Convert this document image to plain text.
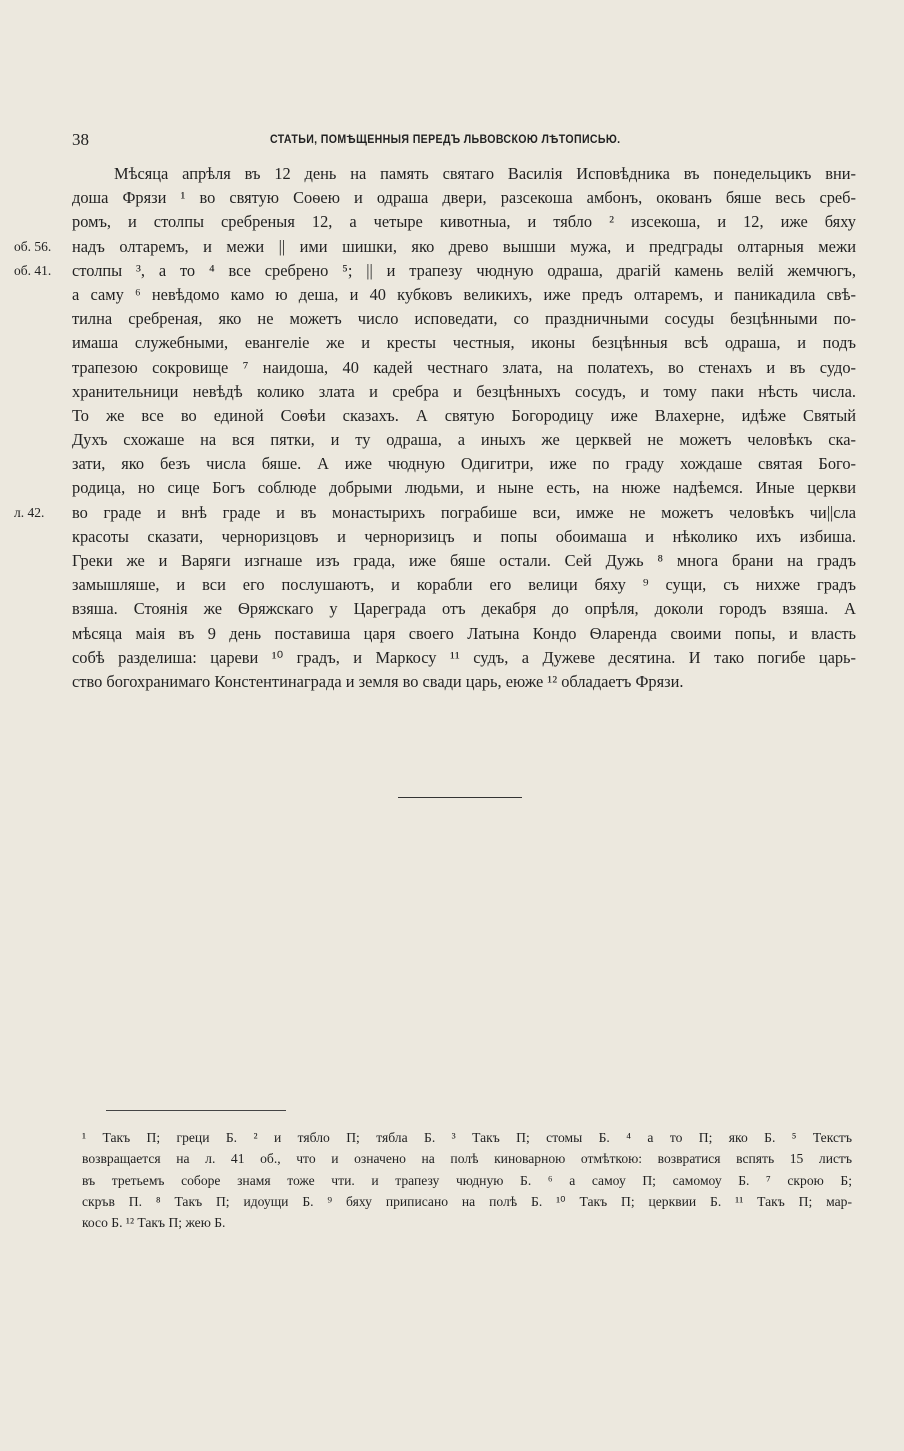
38	СТАТЬИ, ПОМѢЩЕННЫЯ ПЕРЕДЪ ЛЬВОВСКОЮ ЛѢТОПИСЬЮ.
Мѣсяца апрѣля въ 12 день на память святаго Василія Исповѣдника въ понедельцикъ вни-
доша Фрязи ¹ во святую Соѳею и одраша двери, разсекоша амбонъ, окованъ бяше весь среб-
ромъ, и столпы сребреныя 12, а четыре кивотныа, и тябло ² изсекоша, и 12, иже бяху
об. 56. надъ олтаремъ, и межи || ими шишки, яко древо вышши мужа, и предграды олтарныя межи
об. 41. столпы ³, а то ⁴ все сребрено ⁵; || и трапезу чюдную одраша, драгій камень велій жемчюгъ,
а саму ⁶ невѣдомо камо ю деша, и 40 кубковъ великихъ, иже предъ олтаремъ, и паникадила свѣ-
тилна сребреная, яко не можетъ число исповедати, со праздничными сосуды безцѣнными по-
имаша служебными, евангеліе же и кресты честныя, иконы безцѣнныя всѣ одраша, и подъ
трапезою сокровище ⁷ наидоша, 40 кадей честнаго злата, на полатехъ, во стенахъ и въ судо-
хранительници невѣдѣ колико злата и сребра и безцѣнныхъ сосудъ, и тому паки нѣсть числа.
То же все во единой Соѳѣи сказахъ. А святую Богородицу иже Влахерне, идѣже Святый
Духъ схожаше на вся пятки, и ту одраша, а иныхъ же церквей не можетъ человѣкъ ска-
зати, яко безъ числа бяше. А иже чюдную Одигитри, иже по граду хождаше святая Бого-
родица, но сице Богъ соблюде добрыми людьми, и ныне есть, на нюже надѣемся. Иные церкви
л. 42. во граде и внѣ граде и въ монастырихъ пограбише вси, имже не можетъ человѣкъ чи||сла
красоты сказати, черноризцовъ и черноризицъ и попы обоимаша и нѣколико ихъ избиша.
Греки же и Варяги изгнаше изъ града, иже бяше остали. Сей Дужь ⁸ многа брани на градъ
замышляше, и вси его послушаютъ, и корабли его велици бяху ⁹ сущи, съ нихже градъ
взяша. Стоянія же Ѳряжскаго у Цареграда отъ декабря до опрѣля, доколи городъ взяша. А
мѣсяца маія въ 9 день поставиша царя своего Латына Кондо Ѳларенда своими попы, и власть
собѣ разделиша: цареви ¹⁰ градъ, и Маркосу ¹¹ судъ, а Дужеве десятина. И тако погибе царь-
ство богохранимаго Констентинаграда и земля во свади царь, еюже ¹² обладаетъ Фрязи.
¹ Такъ П; греци Б. ² и тябло П; тябла Б. ³ Такъ П; стомы Б. ⁴ а то П; яко Б. ⁵ Текстъ
возвращается на л. 41 об., что и означено на полѣ киноварною отмѣткою: возвратися вспять 15 листъ
въ третьемъ соборе знамя тоже чти. и трапезу чюдную Б. ⁶ а самоу П; самомоу Б. ⁷ скрою Б;
скръв П. ⁸ Такъ П; идоущи Б. ⁹ бяху приписано на полѣ Б. ¹⁰ Такъ П; церквии Б. ¹¹ Такъ П; мар-
косо Б. ¹² Такъ П; жею Б.
